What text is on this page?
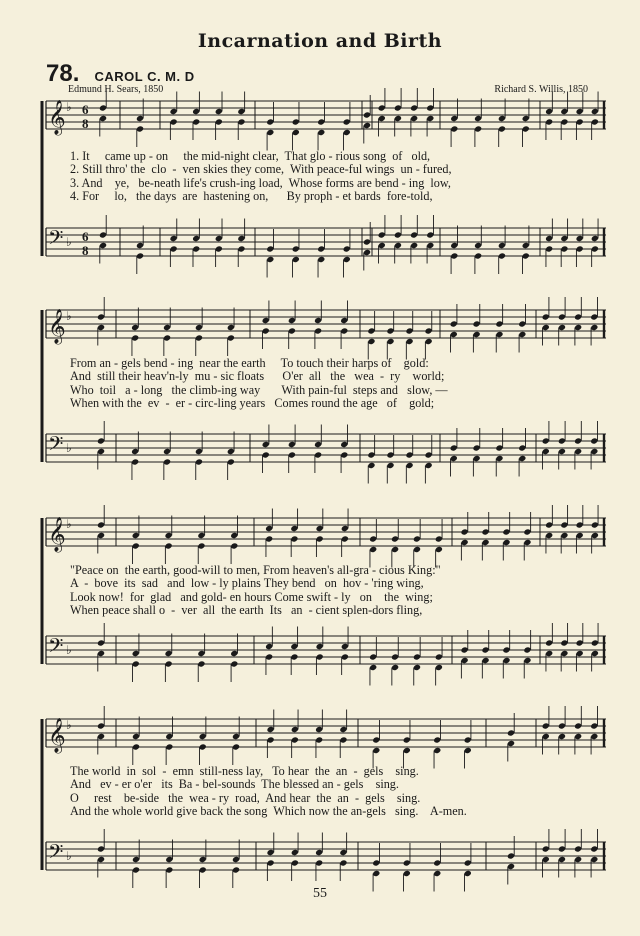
Incarnation and Birth
78. CAROL C. M. D
Edmund H. Sears, 1850	Richard S. Willis, 1850
𝄞 ♭
𝄢 ♭
𝄞 ♭
𝄢 ♭
𝄞 ♭
𝄢 ♭
𝄞 ♭
𝄢 ♭
6
8
6
8
1. It     came up - on     the mid-night clear,  That glo - rious song  of   old,
2. Still thro' the  clo  -  ven skies they come,  With peace-ful wings  un - fured,
3. And    ye,   be-neath life's crush-ing load,  Whose forms are bend - ing  low,
4. For     lo,   the days  are  hastening on,      By proph - et bards  fore-told,
From an - gels bend - ing  near the earth     To touch their harps of    gold:
And  still their heav'n-ly  mu - sic floats      O'er  all   the   wea  -  ry    world;
Who  toil   a - long   the climb-ing way       With pain-ful  steps and   slow, —
When with the  ev  -  er - circ-ling years   Comes round the age   of    gold;
"Peace on  the earth, good-will to men, From heaven's all-gra - cious King:"
A  -  bove  its  sad   and  low - ly plains They bend   on  hov - 'ring wing,
Look now!  for  glad   and gold- en hours Come swift - ly   on    the  wing;
When peace shall o  -  ver  all  the earth  Its   an  - cient splen-dors fling,
The world  in  sol  -  emn  still-ness lay,   To hear  the  an  -  gels    sing.
And   ev - er o'er   its  Ba - bel-sounds  The blessed an - gels    sing.
O     rest    be-side   the  wea - ry  road,  And hear  the  an  -  gels    sing.
And the whole world give back the song  Which now the an-gels   sing.    A-men.
55
